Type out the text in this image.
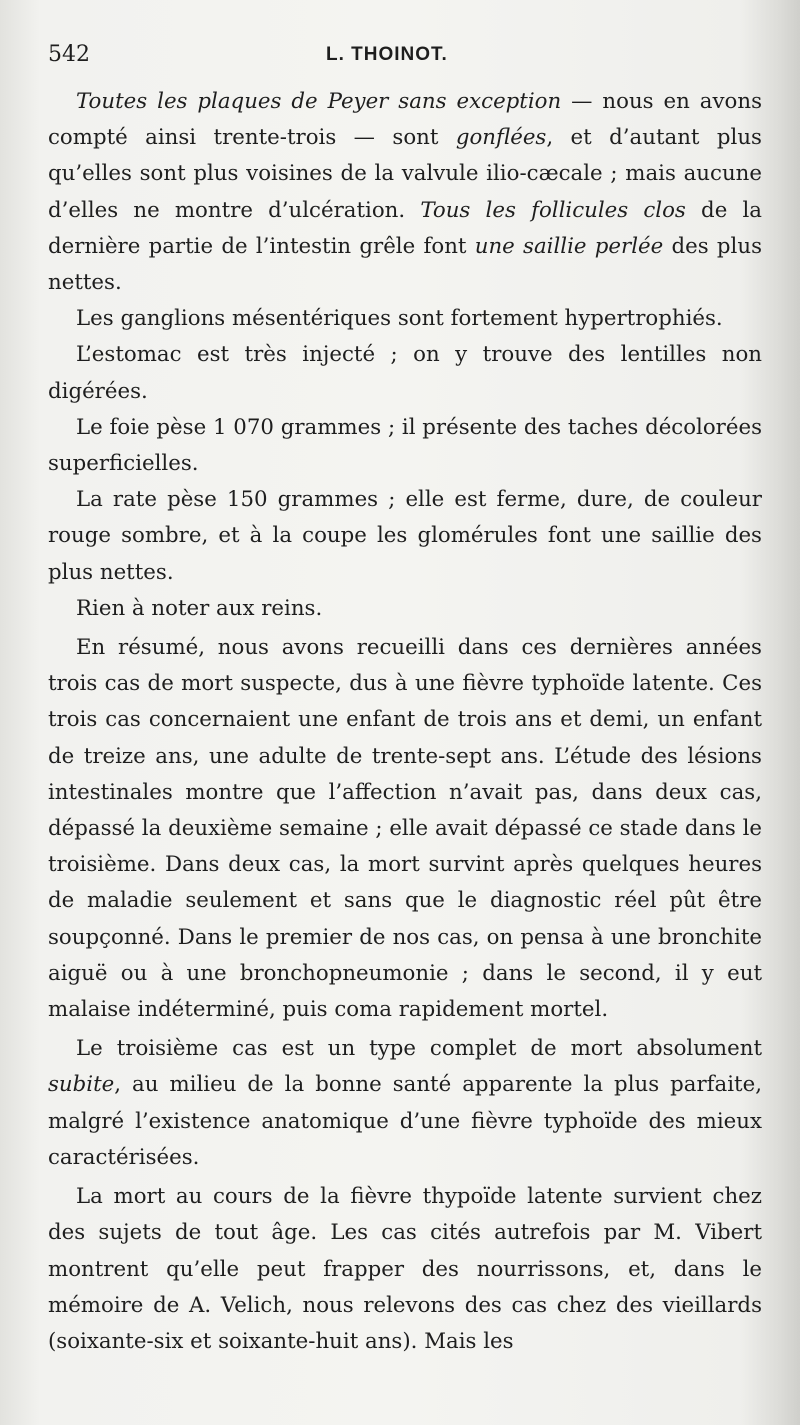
542	L. THOINOT.

Toutes les plaques de Peyer sans exception — nous en avons compté ainsi trente-trois — sont gonflées, et d’autant plus qu’elles sont plus voisines de la valvule ilio-cæcale ; mais aucune d’elles ne montre d’ulcération. Tous les follicules clos de la dernière partie de l’intestin grêle font une saillie perlée des plus nettes.

Les ganglions mésentériques sont fortement hypertrophiés.

L’estomac est très injecté ; on y trouve des lentilles non digérées.

Le foie pèse 1 070 grammes ; il présente des taches décolorées superficielles.

La rate pèse 150 grammes ; elle est ferme, dure, de couleur rouge sombre, et à la coupe les glomérules font une saillie des plus nettes.

Rien à noter aux reins.

En résumé, nous avons recueilli dans ces dernières années trois cas de mort suspecte, dus à une fièvre typhoïde latente. Ces trois cas concernaient une enfant de trois ans et demi, un enfant de treize ans, une adulte de trente-sept ans. L’étude des lésions intestinales montre que l’affection n’avait pas, dans deux cas, dépassé la deuxième semaine ; elle avait dépassé ce stade dans le troisième. Dans deux cas, la mort survint après quelques heures de maladie seulement et sans que le diagnostic réel pût être soupçonné. Dans le premier de nos cas, on pensa à une bronchite aiguë ou à une bronchopneumonie ; dans le second, il y eut malaise indéterminé, puis coma rapidement mortel.

Le troisième cas est un type complet de mort absolument subite, au milieu de la bonne santé apparente la plus parfaite, malgré l’existence anatomique d’une fièvre typhoïde des mieux caractérisées.

La mort au cours de la fièvre thypoïde latente survient chez des sujets de tout âge. Les cas cités autrefois par M. Vibert montrent qu’elle peut frapper des nourrissons, et, dans le mémoire de A. Velich, nous relevons des cas chez des vieillards (soixante-six et soixante-huit ans). Mais les
